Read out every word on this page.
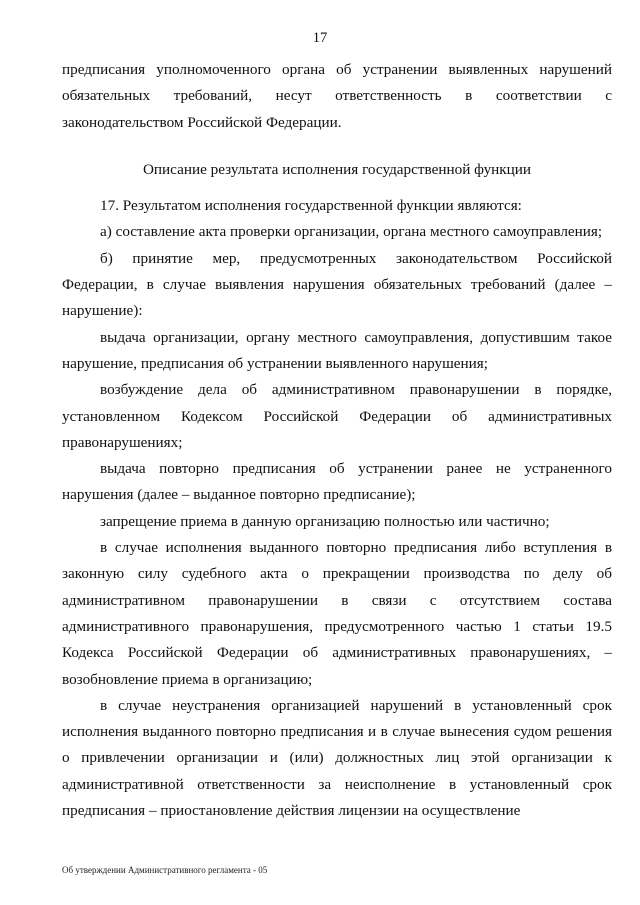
17

предписания уполномоченного органа об устранении выявленных нарушений обязательных требований, несут ответственность в соответствии с законодательством Российской Федерации.

Описание результата исполнения государственной функции

17. Результатом исполнения государственной функции являются:

а) составление акта проверки организации, органа местного самоуправления;

б) принятие мер, предусмотренных законодательством Российской Федерации, в случае выявления нарушения обязательных требований (далее – нарушение):

выдача организации, органу местного самоуправления, допустившим такое нарушение, предписания об устранении выявленного нарушения;

возбуждение дела об административном правонарушении в порядке, установленном Кодексом Российской Федерации об административных правонарушениях;

выдача повторно предписания об устранении ранее не устраненного нарушения (далее – выданное повторно предписание);

запрещение приема в данную организацию полностью или частично;

в случае исполнения выданного повторно предписания либо вступления в законную силу судебного акта о прекращении производства по делу об административном правонарушении в связи с отсутствием состава административного правонарушения, предусмотренного частью 1 статьи 19.5 Кодекса Российской Федерации об административных правонарушениях, – возобновление приема в организацию;

в случае неустранения организацией нарушений в установленный срок исполнения выданного повторно предписания и в случае вынесения судом решения о привлечении организации и (или) должностных лиц этой организации к административной ответственности за неисполнение в установленный срок предписания – приостановление действия лицензии на осуществление

Об утверждении Административного регламента - 05
